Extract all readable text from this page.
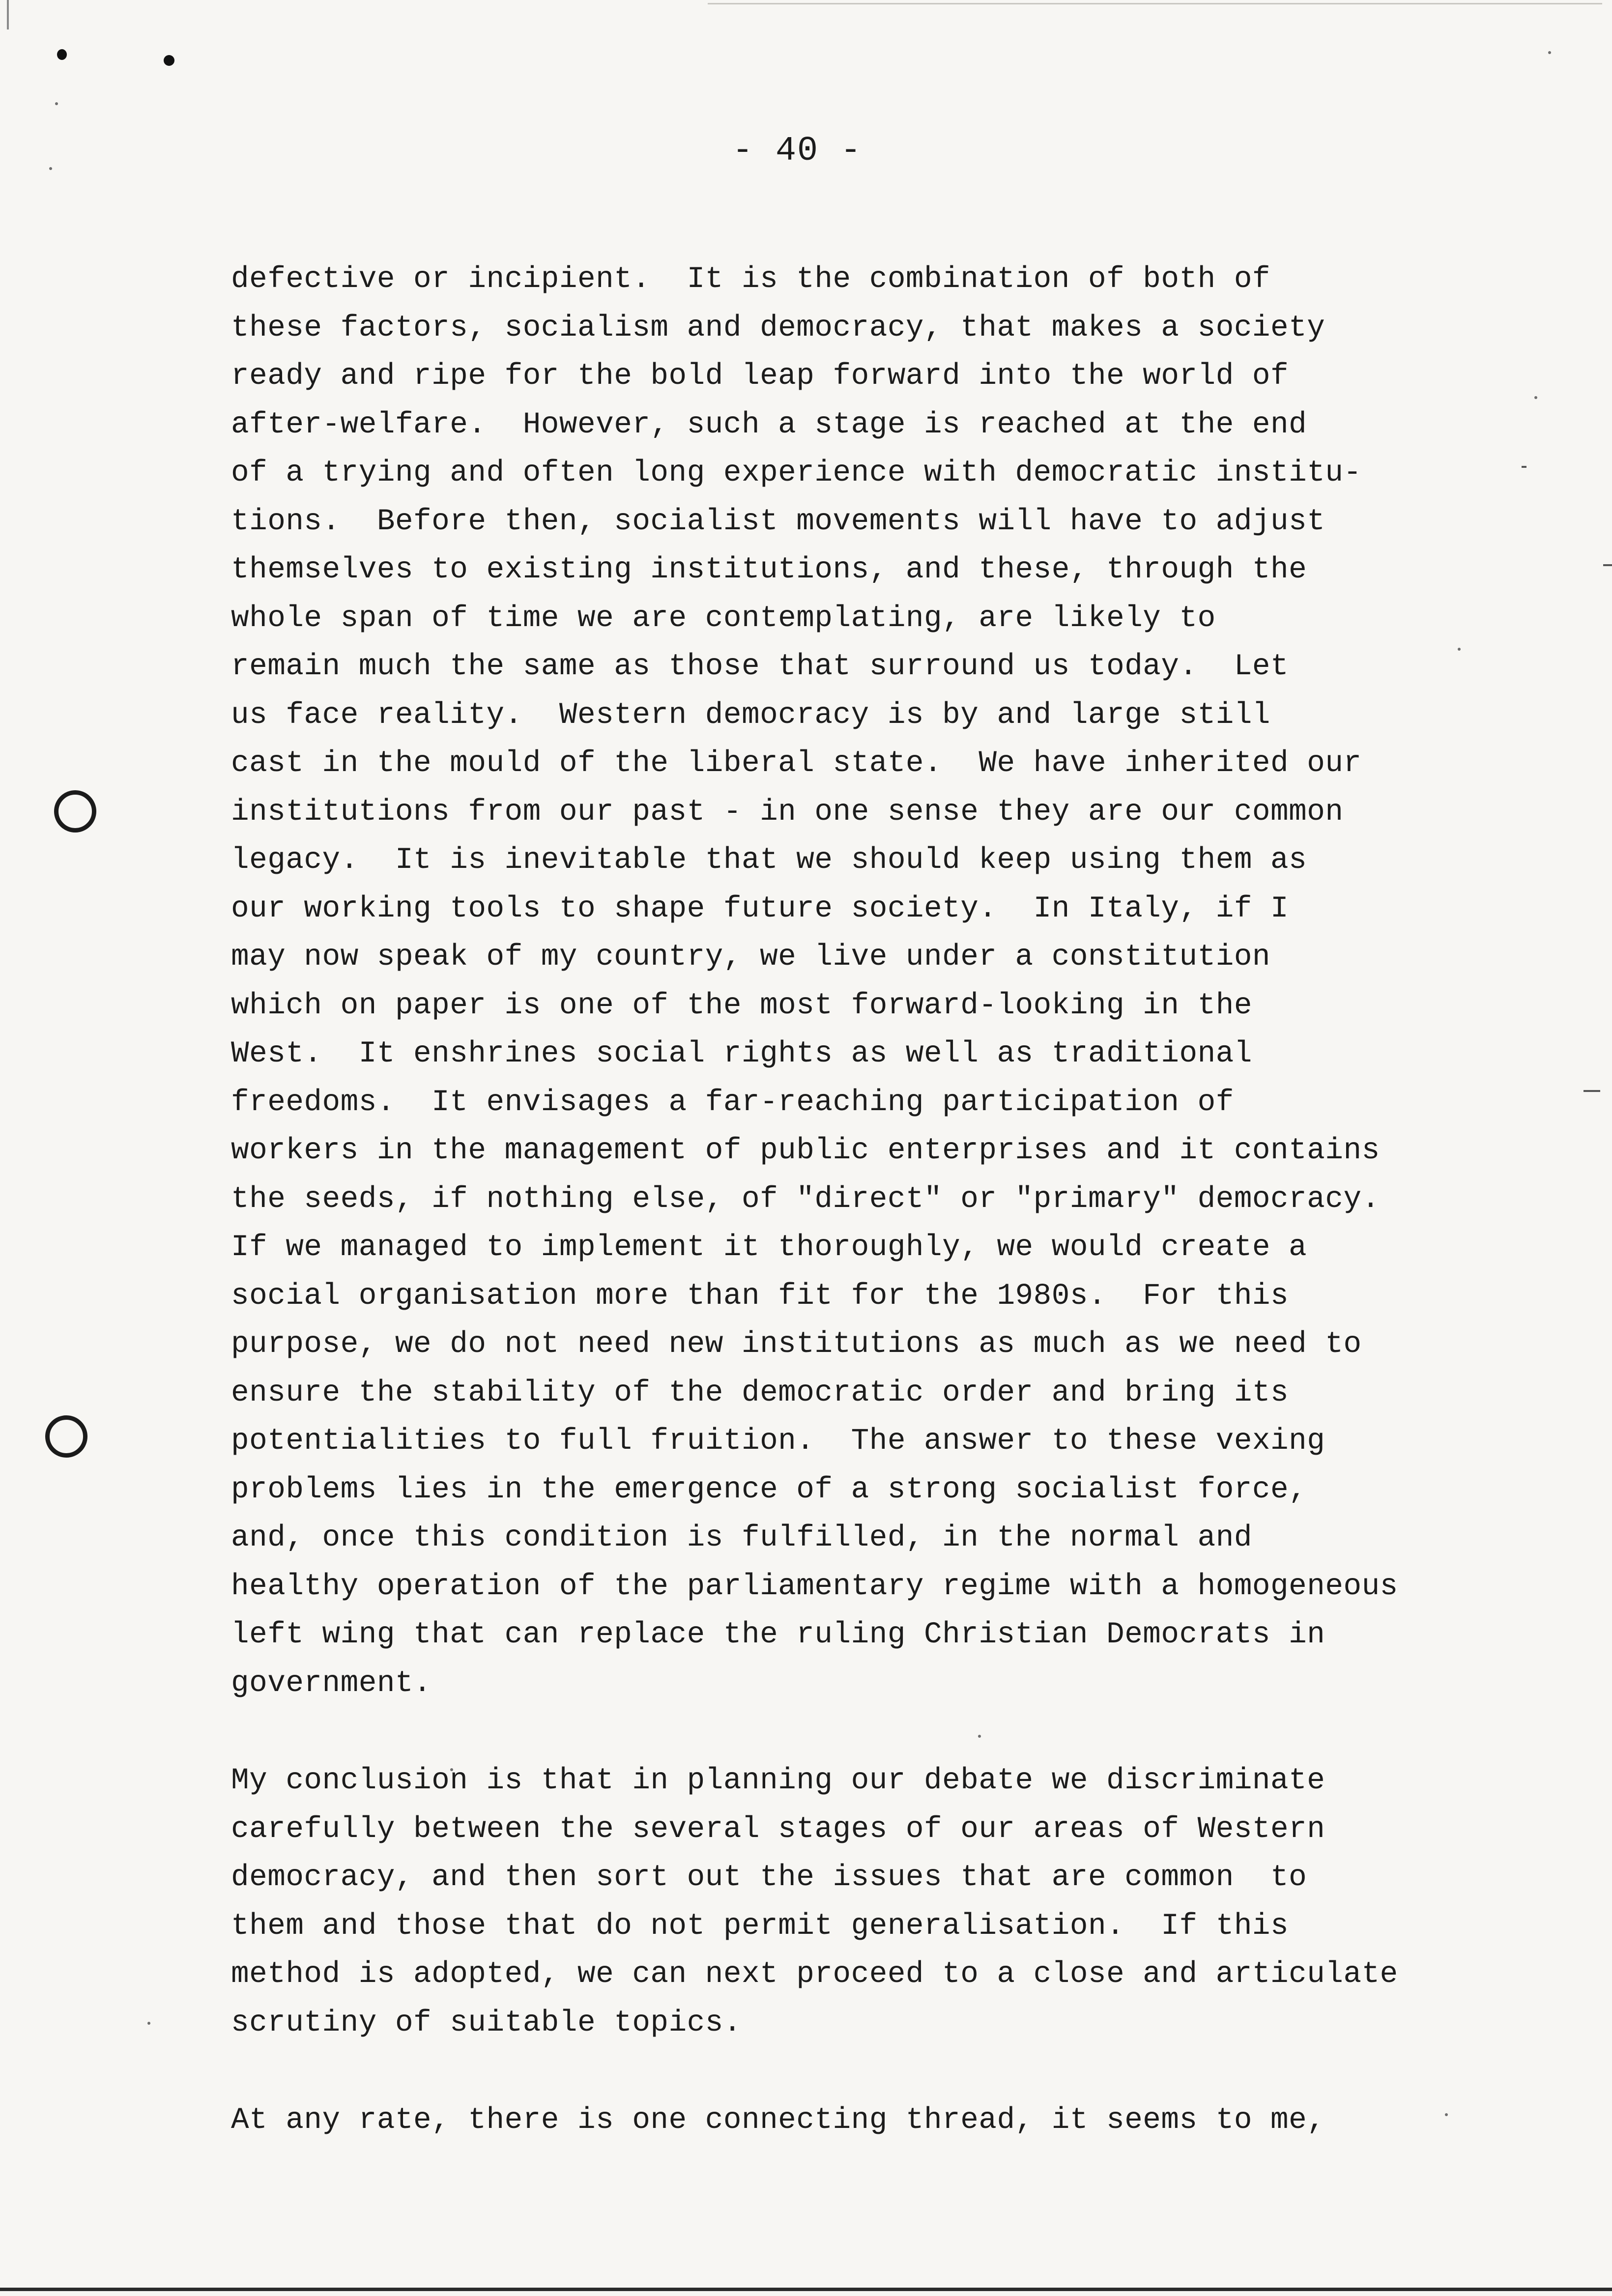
- 40 -
defective or incipient.  It is the combination of both of
these factors, socialism and democracy, that makes a society
ready and ripe for the bold leap forward into the world of
after-welfare.  However, such a stage is reached at the end
of a trying and often long experience with democratic institu-
tions.  Before then, socialist movements will have to adjust
themselves to existing institutions, and these, through the
whole span of time we are contemplating, are likely to
remain much the same as those that surround us today.  Let
us face reality.  Western democracy is by and large still
cast in the mould of the liberal state.  We have inherited our
institutions from our past - in one sense they are our common
legacy.  It is inevitable that we should keep using them as
our working tools to shape future society.  In Italy, if I
may now speak of my country, we live under a constitution
which on paper is one of the most forward-looking in the
West.  It enshrines social rights as well as traditional
freedoms.  It envisages a far-reaching participation of
workers in the management of public enterprises and it contains
the seeds, if nothing else, of "direct" or "primary" democracy.
If we managed to implement it thoroughly, we would create a
social organisation more than fit for the 1980s.  For this
purpose, we do not need new institutions as much as we need to
ensure the stability of the democratic order and bring its
potentialities to full fruition.  The answer to these vexing
problems lies in the emergence of a strong socialist force,
and, once this condition is fulfilled, in the normal and
healthy operation of the parliamentary regime with a homogeneous
left wing that can replace the ruling Christian Democrats in
government.
My conclusion is that in planning our debate we discriminate
carefully between the several stages of our areas of Western
democracy, and then sort out the issues that are common  to
them and those that do not permit generalisation.  If this
method is adopted, we can next proceed to a close and articulate
scrutiny of suitable topics.
At any rate, there is one connecting thread, it seems to me,
